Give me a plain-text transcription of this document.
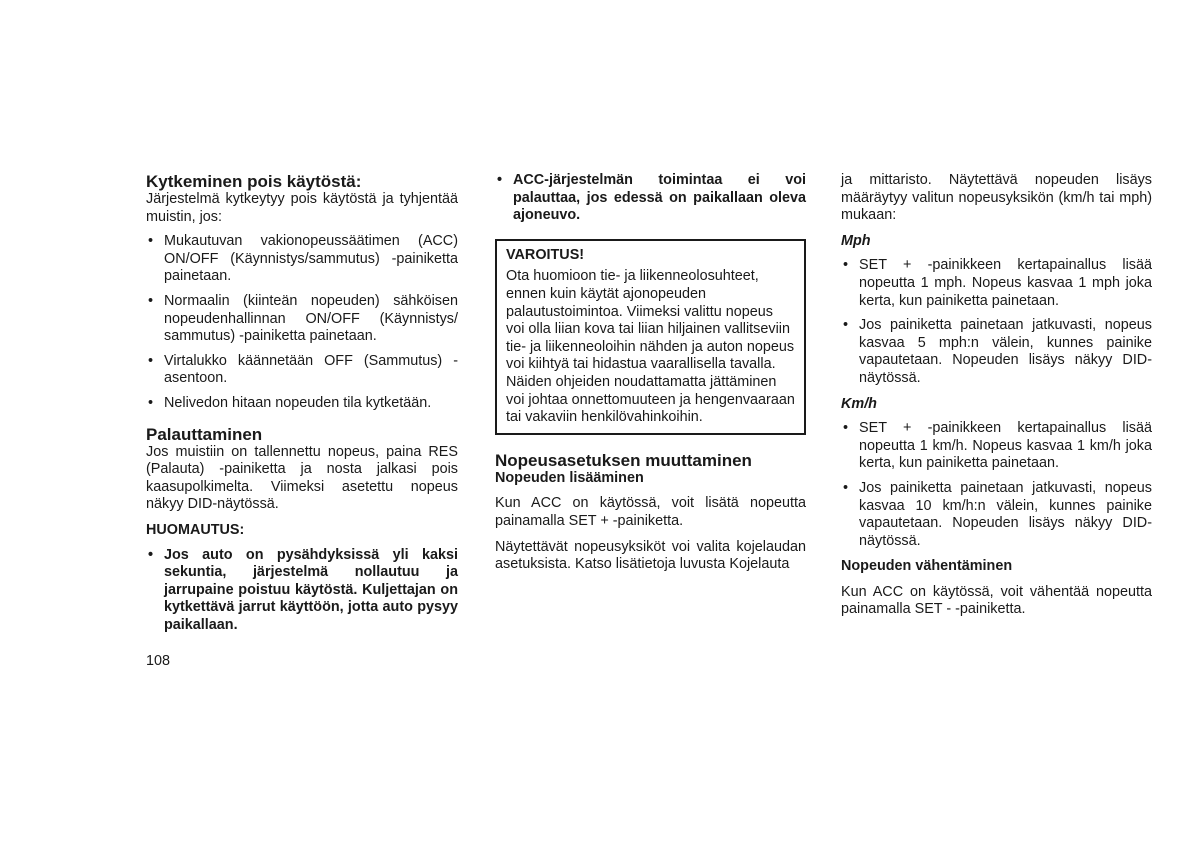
Kytkeminen pois käytöstä:

Järjestelmä kytkeytyy pois käytöstä ja tyhjentää muistin, jos:

• Mukautuvan vakionopeussäätimen (ACC) ON/OFF (Käynnistys/sammutus) -painiketta painetaan.
• Normaalin (kiinteän nopeuden) sähköisen nopeudenhallinnan ON/OFF (Käynnistys/ sammutus) -painiketta painetaan.
• Virtalukko käännetään OFF (Sammutus) -asentoon.
• Nelivedon hitaan nopeuden tila kytketään.
Palauttaminen

Jos muistiin on tallennettu nopeus, paina RES (Palauta) -painiketta ja nosta jalkasi pois kaasupolkimelta. Viimeksi asetettu nopeus näkyy DID-näytössä.

HUOMAUTUS:
• Jos auto on pysähdyksissä yli kaksi sekuntia, järjestelmä nollautuu ja jarrupaine poistuu käytöstä. Kuljettajan on kytkettävä jarrut käyttöön, jotta auto pysyy paikallaan.
108
• ACC-järjestelmän toimintaa ei voi palauttaa, jos edessä on paikallaan oleva ajoneuvo.
VAROITUS!

Ota huomioon tie- ja liikenneolosuhteet, ennen kuin käytät ajonopeuden palautustoimintoa. Viimeksi valittu nopeus voi olla liian kova tai liian hiljainen vallitseviin tie- ja liikenneoloihin nähden ja auton nopeus voi kiihtyä tai hidastua vaarallisella tavalla. Näiden ohjeiden noudattamatta jättäminen voi johtaa onnettomuuteen ja hengenvaaraan tai vakaviin henkilövahinkoihin.

Nopeusasetuksen muuttaminen
Nopeuden lisääminen

Kun ACC on käytössä, voit lisätä nopeutta painamalla SET + -painiketta.

Näytettävät nopeusyksiköt voi valita kojelaudan asetuksista. Katso lisätietoja luvusta Kojelauta

ja mittaristo. Näytettävä nopeuden lisäys määräytyy valitun nopeusyksikön (km/h tai mph) mukaan:

Mph

• SET + -painikkeen kertapainallus lisää nopeutta 1 mph. Nopeus kasvaa 1 mph joka kerta, kun painiketta painetaan.
• Jos painiketta painetaan jatkuvasti, nopeus kasvaa 5 mph:n välein, kunnes painike vapautetaan. Nopeuden lisäys näkyy DID-näytössä.

Km/h

• SET + -painikkeen kertapainallus lisää nopeutta 1 km/h. Nopeus kasvaa 1 km/h joka kerta, kun painiketta painetaan.
• Jos painiketta painetaan jatkuvasti, nopeus kasvaa 10 km/h:n välein, kunnes painike vapautetaan. Nopeuden lisäys näkyy DID-näytössä.
Nopeuden vähentäminen

Kun ACC on käytössä, voit vähentää nopeutta painamalla SET - -painiketta.
